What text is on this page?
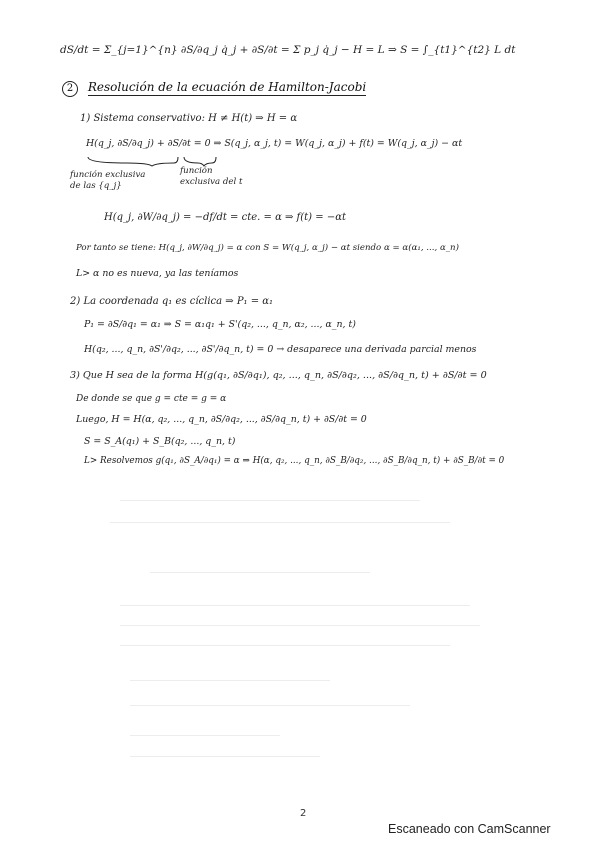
dS/dt = Σ_{j=1}^{n} ∂S/∂q_j q̇_j + ∂S/∂t = Σ p_j q̇_j − H = L ⇒ S = ∫_{t1}^{t2} L dt
2 Resolución de la ecuación de Hamilton-Jacobi
1) Sistema conservativo: H ≠ H(t) ⇒ H = α
H(q_j, ∂S/∂q_j) + ∂S/∂t = 0 ⇒ S(q_j, α_j, t) = W(q_j, α_j) + f(t) = W(q_j, α_j) − αt
función exclusiva de las {q_j}
función exclusiva del t
H(q_j, ∂W/∂q_j) = −df/dt = cte. = α ⇒ f(t) = −αt
Por tanto se tiene: H(q_j, ∂W/∂q_j) = α con S = W(q_j, α_j) − αt siendo α = α(α₁, ..., α_n)
L> α no es nueva, ya las teníamos
2) La coordenada q₁ es cíclica ⇒ P₁ = α₁
P₁ = ∂S/∂q₁ = α₁ ⇒ S = α₁q₁ + S'(q₂, ..., q_n, α₂, ..., α_n, t)
H(q₂, ..., q_n, ∂S'/∂q₂, ..., ∂S'/∂q_n, t) = 0 → desaparece una derivada parcial menos
3) Que H sea de la forma H(g(q₁, ∂S/∂q₁), q₂, ..., q_n, ∂S/∂q₂, ..., ∂S/∂q_n, t) + ∂S/∂t = 0
De donde se que g = cte = g = α
Luego, H = H(α, q₂, ..., q_n, ∂S/∂q₂, ..., ∂S/∂q_n, t) + ∂S/∂t = 0
S = S_A(q₁) + S_B(q₂, ..., q_n, t)
L> Resolvemos g(q₁, ∂S_A/∂q₁) = α ⇒ H(α, q₂, ..., q_n, ∂S_B/∂q₂, ..., ∂S_B/∂q_n, t) + ∂S_B/∂t = 0
2
Escaneado con CamScanner
